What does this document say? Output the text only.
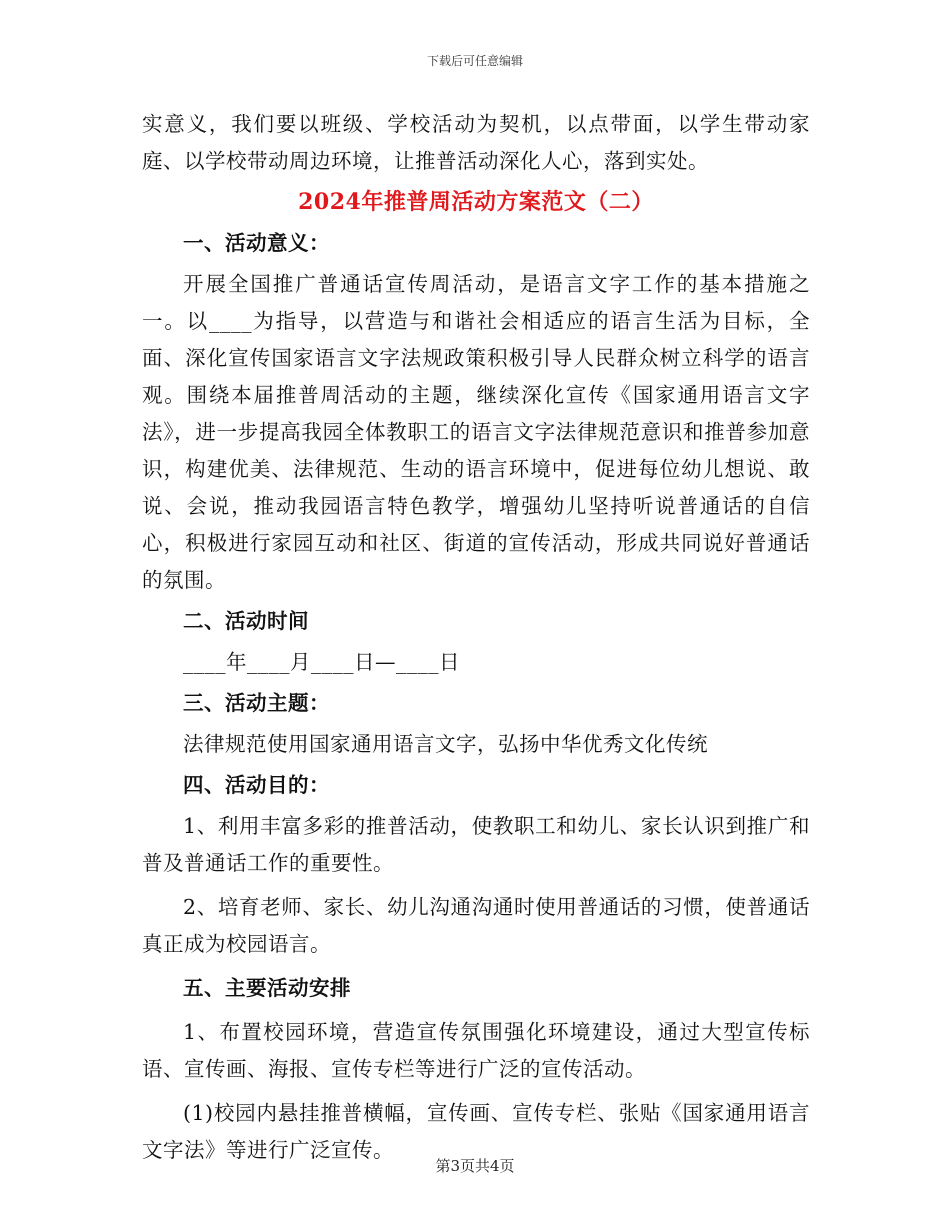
下载后可任意编辑

实意义，我们要以班级、学校活动为契机，以点带面，以学生带动家庭、以学校带动周边环境，让推普活动深化人心，落到实处。

2024年推普周活动方案范文（二）

一、活动意义：

开展全国推广普通话宣传周活动，是语言文字工作的基本措施之一。以____为指导，以营造与和谐社会相适应的语言生活为目标，全面、深化宣传国家语言文字法规政策积极引导人民群众树立科学的语言观。围绕本届推普周活动的主题，继续深化宣传《国家通用语言文字法》，进一步提高我园全体教职工的语言文字法律规范意识和推普参加意识，构建优美、法律规范、生动的语言环境中，促进每位幼儿想说、敢说、会说，推动我园语言特色教学，增强幼儿坚持听说普通话的自信心，积极进行家园互动和社区、街道的宣传活动，形成共同说好普通话的氛围。

二、活动时间

____年____月____日—____日

三、活动主题：

法律规范使用国家通用语言文字，弘扬中华优秀文化传统

四、活动目的：

1、利用丰富多彩的推普活动，使教职工和幼儿、家长认识到推广和普及普通话工作的重要性。

2、培育老师、家长、幼儿沟通沟通时使用普通话的习惯，使普通话真正成为校园语言。

五、主要活动安排

1、布置校园环境，营造宣传氛围强化环境建设，通过大型宣传标语、宣传画、海报、宣传专栏等进行广泛的宣传活动。

(1)校园内悬挂推普横幅，宣传画、宣传专栏、张贴《国家通用语言文字法》等进行广泛宣传。

第3页共4页
